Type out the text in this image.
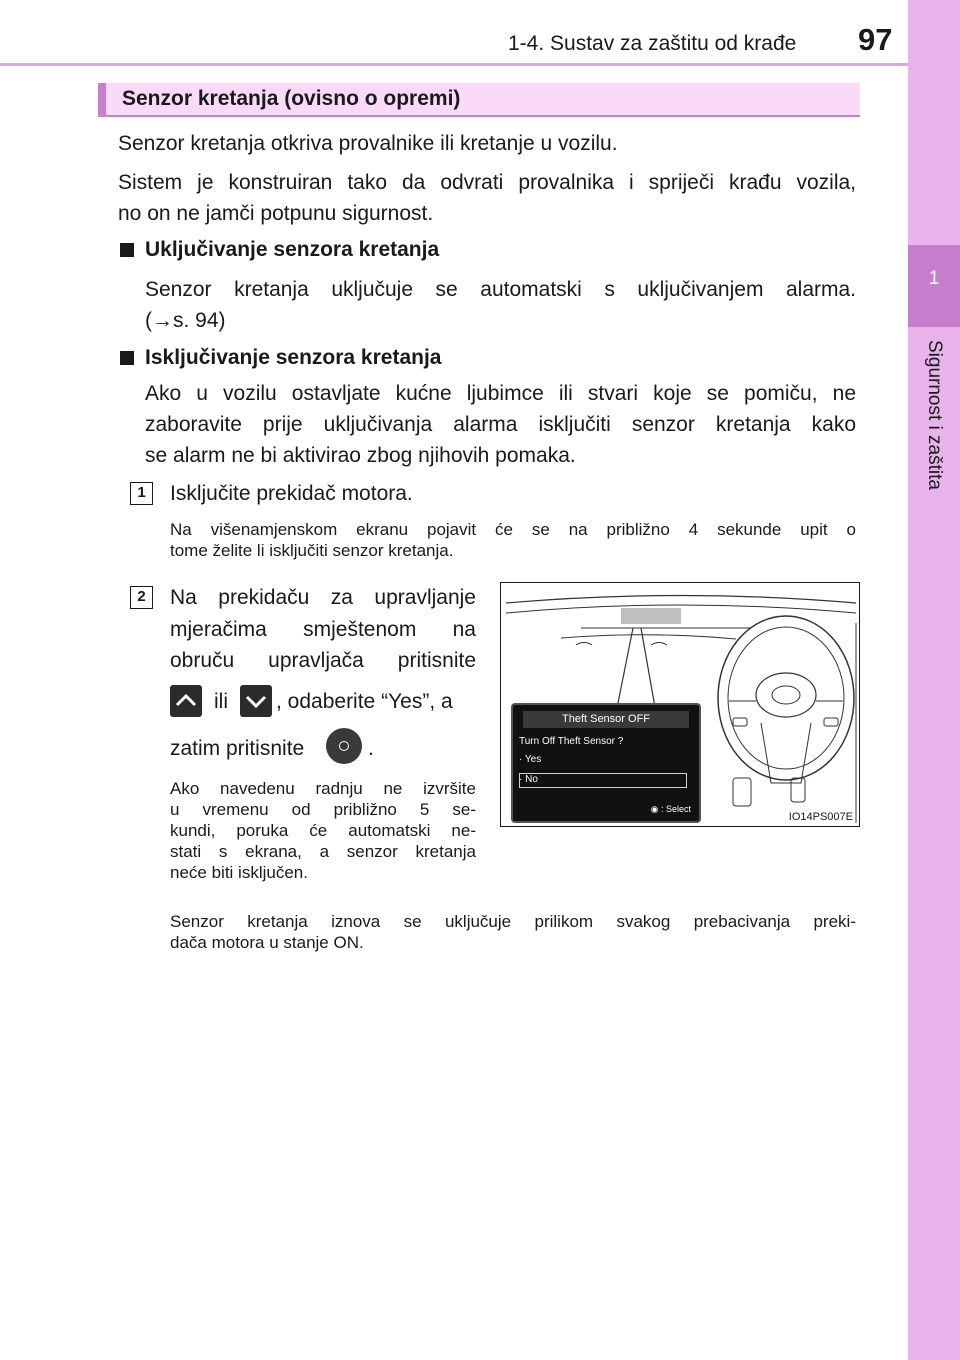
1-4. Sustav za zaštitu od krađe 97
1
Sigurnost i zaštita
Senzor kretanja (ovisno o opremi)
Senzor kretanja otkriva provalnike ili kretanje u vozilu.
Sistem je konstruiran tako da odvrati provalnika i spriječi krađu vozila,
no on ne jamči potpunu sigurnost.
Uključivanje senzora kretanja
Senzor kretanja uključuje se automatski s uključivanjem alarma.
(→s. 94)
Isključivanje senzora kretanja
Ako u vozilu ostavljate kućne ljubimce ili stvari koje se pomiču, ne
zaboravite prije uključivanja alarma isključiti senzor kretanja kako
se alarm ne bi aktivirao zbog njihovih pomaka.
1	Isključite prekidač motora.
Na višenamjenskom ekranu pojavit će se na približno 4 sekunde upit o
tome želite li isključiti senzor kretanja.
2	Na prekidaču za upravljanje
mjeračima smještenom na
obruču upravljača pritisnite
ili , odaberite “Yes”, a
zatim pritisnite	.
Ako navedenu radnju ne izvršite
u vremenu od približno 5 se-
kundi, poruka će automatski ne-
stati s ekrana, a senzor kretanja
neće biti isključen.
Theft Sensor OFF
Turn Off Theft Sensor ?
· Yes
· No
◉ : Select
IO14PS007E
Senzor kretanja iznova se uključuje prilikom svakog prebacivanja preki-
dača motora u stanje ON.
